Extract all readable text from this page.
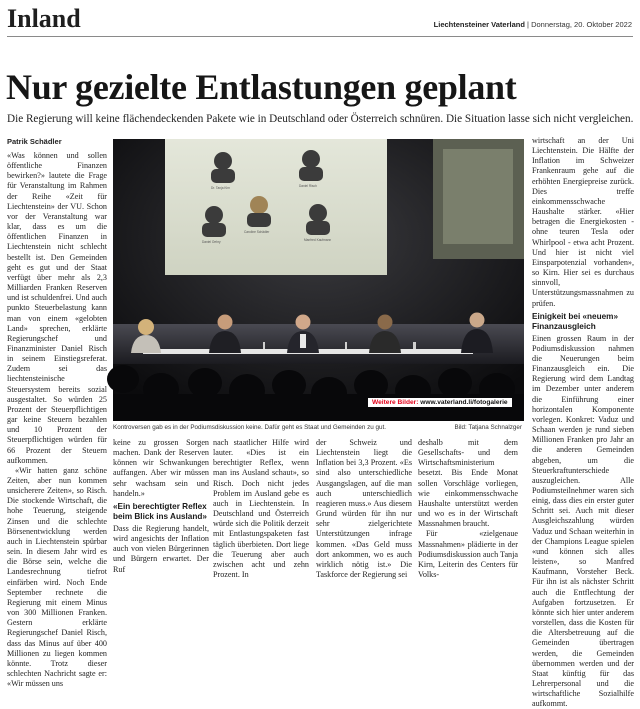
Inland	Liechtensteiner Vaterland | Donnerstag, 20. Oktober 2022
Nur gezielte Entlastungen geplant
Die Regierung will keine flächendeckenden Pakete wie in Deutschland oder Österreich schnüren. Die Situation lasse sich nicht vergleichen.
Patrik Schädler

«Was können und sollen öffentliche Finanzen bewirken?» lautete die Frage für Veranstaltung im Rahmen der Reihe «Zeit für Liechtenstein» der VU. Schon vor der Veranstaltung war klar, dass es um die öffentlichen Finanzen in Liechtenstein nicht schlecht bestellt ist. Den Gemeinden geht es gut und der Staat verfügt über mehr als 2,3 Milliarden Franken Reserven und ist schuldenfrei. Und auch punkto Steuerbelastung kann man von einem «gelobten Land» sprechen, erklärte Regierungschef und Finanzminister Daniel Risch in seinem Einstiegsreferat. Zudem sei das liechtensteinische Steuersystem bereits sozial ausgestaltet. So würden 25 Prozent der Steuerpflichtigen gar keine Steuern bezahlen und 10 Prozent der Steuerpflichtigen würden für 66 Prozent der Steuern aufkommen.

«Wir hatten ganz schöne Zeiten, aber nun kommen unsicherere Zeiten», so Risch. Die stockende Wirtschaft, die hohe Teuerung, steigende Zinsen und die schlechte Börsenentwicklung werden auch in Liechtenstein spürbar sein. In diesem Jahr wird es die Börse sein, welche die Landesrechnung tiefrot einfärben wird. Noch Ende September rechnete die Regierung mit einem Minus von 300 Millionen Franken. Gestern erklärte Regierungschef Daniel Risch, dass das Minus auf über 400 Millionen zu liegen kommen könnte. Trotz dieser schlechten Nachricht sagte er: «Wir müssen uns

Dr. Tanja Kirn	Daniel Risch
Caroline Schädler
Daniel Oehry	Manfred Kaufmann
Weitere Bilder: www.vaterland.li/fotogalerie
Kontroversen gab es in der Podiumsdiskussion keine. Dafür geht es Staat und Gemeinden zu gut.	Bild: Tatjana Schnalzger

keine zu grossen Sorgen machen. Dank der Reserven können wir Schwankungen auffangen. Aber wir müssen sehr wachsam sein und handeln.»

«Ein berechtigter Reflex beim Blick ins Ausland»

Dass die Regierung handelt, wird angesichts der Inflation auch von vielen Bürgerinnen und Bürgern erwartet. Der Ruf

nach staatlicher Hilfe wird lauter. «Dies ist ein berechtigter Reflex, wenn man ins Ausland schaut», so Risch. Doch nicht jedes Problem im Ausland gebe es auch in Liechtenstein. In Deutschland und Österreich würde sich die Politik derzeit mit Entlastungspaketen fast täglich überbieten. Dort liege die Teuerung aber auch zwischen acht und zehn Prozent. In

der Schweiz und Liechtenstein liegt die Inflation bei 3,3 Prozent. «Es sind also unterschiedliche Ausgangslagen, auf die man auch unterschiedlich reagieren muss.» Aus diesem Grund würden für ihn nur sehr zielgerichtete Unterstützungen infrage kommen. «Das Geld muss dort ankommen, wo es auch wirklich nötig ist.» Die Taskforce der Regierung sei

deshalb mit dem Gesellschafts- und dem Wirtschaftsministerium besetzt. Bis Ende Monat sollen Vorschläge vorliegen, wie einkommensschwache Haushalte unterstützt werden und wo es in der Wirtschaft Massnahmen braucht.

Für «zielgenaue Massnahmen» plädierte in der Podiumsdiskussion auch Tanja Kirn, Leiterin des Centers für Volks-

wirtschaft an der Uni Liechtenstein. Die Hälfte der Inflation im Schweizer Frankenraum gehe auf die erhöhten Energiepreise zurück. Dies treffe einkommensschwache Haushalte stärker. «Hier betragen die Energiekosten - ohne teuren Tesla oder Whirlpool - etwa acht Prozent. Und hier ist nicht viel Einsparpotenzial vorhanden», so Kirn. Hier sei es durchaus sinnvoll, Unterstützungsmassnahmen zu prüfen.

Einigkeit bei «neuem» Finanzausgleich

Einen grossen Raum in der Podiumsdiskussion nahmen die Neuerungen beim Finanzausgleich ein. Die Regierung wird dem Landtag im Dezember unter anderem die Einführung einer horizontalen Komponente vorlegen. Konkret: Vaduz und Schaan werden je rund sieben Millionen Franken pro Jahr an die anderen Gemeinden abgeben, um die Steuerkraftunterschiede auszugleichen. Alle Podiumsteilnehmer waren sich einig, dass dies ein erster guter Schritt sei. Auch mit dieser Ausgleichszahlung würden Vaduz und Schaan weiterhin in der Champions League spielen «und können sich alles leisten», so Manfred Kaufmann, Vorsteher Beck. Für ihn ist als nächster Schritt auch die Entflechtung der Aufgaben fortzusetzen. Er könnte sich hier unter anderem vorstellen, dass die Kosten für die Altersbetreuung auf die Gemeinden übertragen werden, die Gemeinden übernommen werden und der Staat künftig für das Lehrerpersonal und die wirtschaftliche Sozialhilfe aufkommt.
